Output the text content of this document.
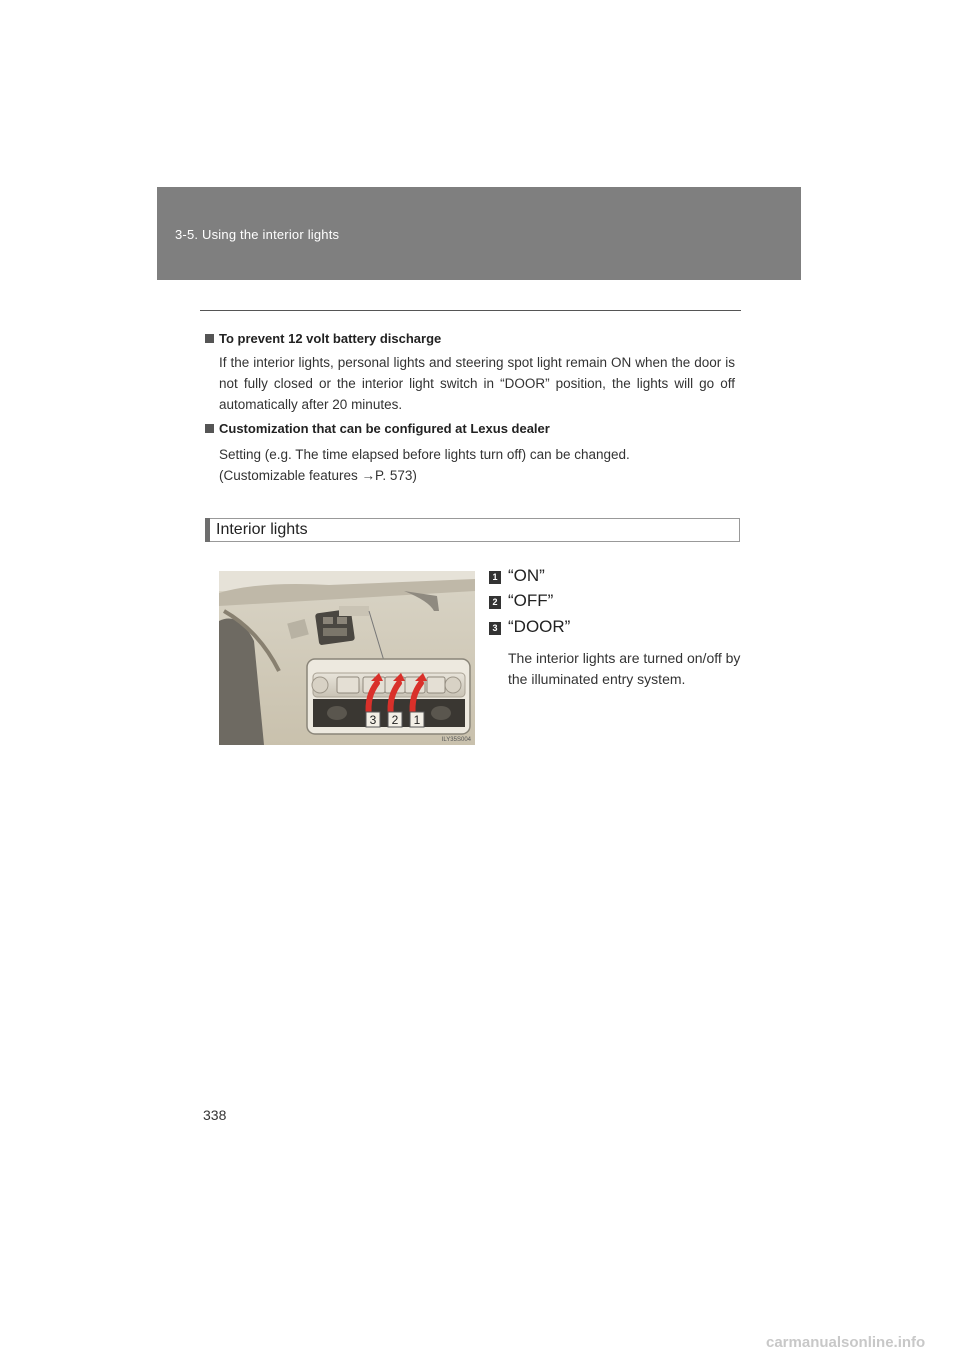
3-5. Using the interior lights
To prevent 12 volt battery discharge

If the interior lights, personal lights and steering spot light remain ON when the door is not fully closed or the interior light switch in “DOOR” position, the lights will go off automatically after 20 minutes.

Customization that can be configured at Lexus dealer

Setting (e.g. The time elapsed before lights turn off) can be changed.

(Customizable features →P. 573)

Interior lights
3 2 1
ILY35S004
1 “ON”
2 “OFF”
3 “DOOR”
The interior lights are turned on/off by the illuminated entry system.
338
carmanualsonline.info
